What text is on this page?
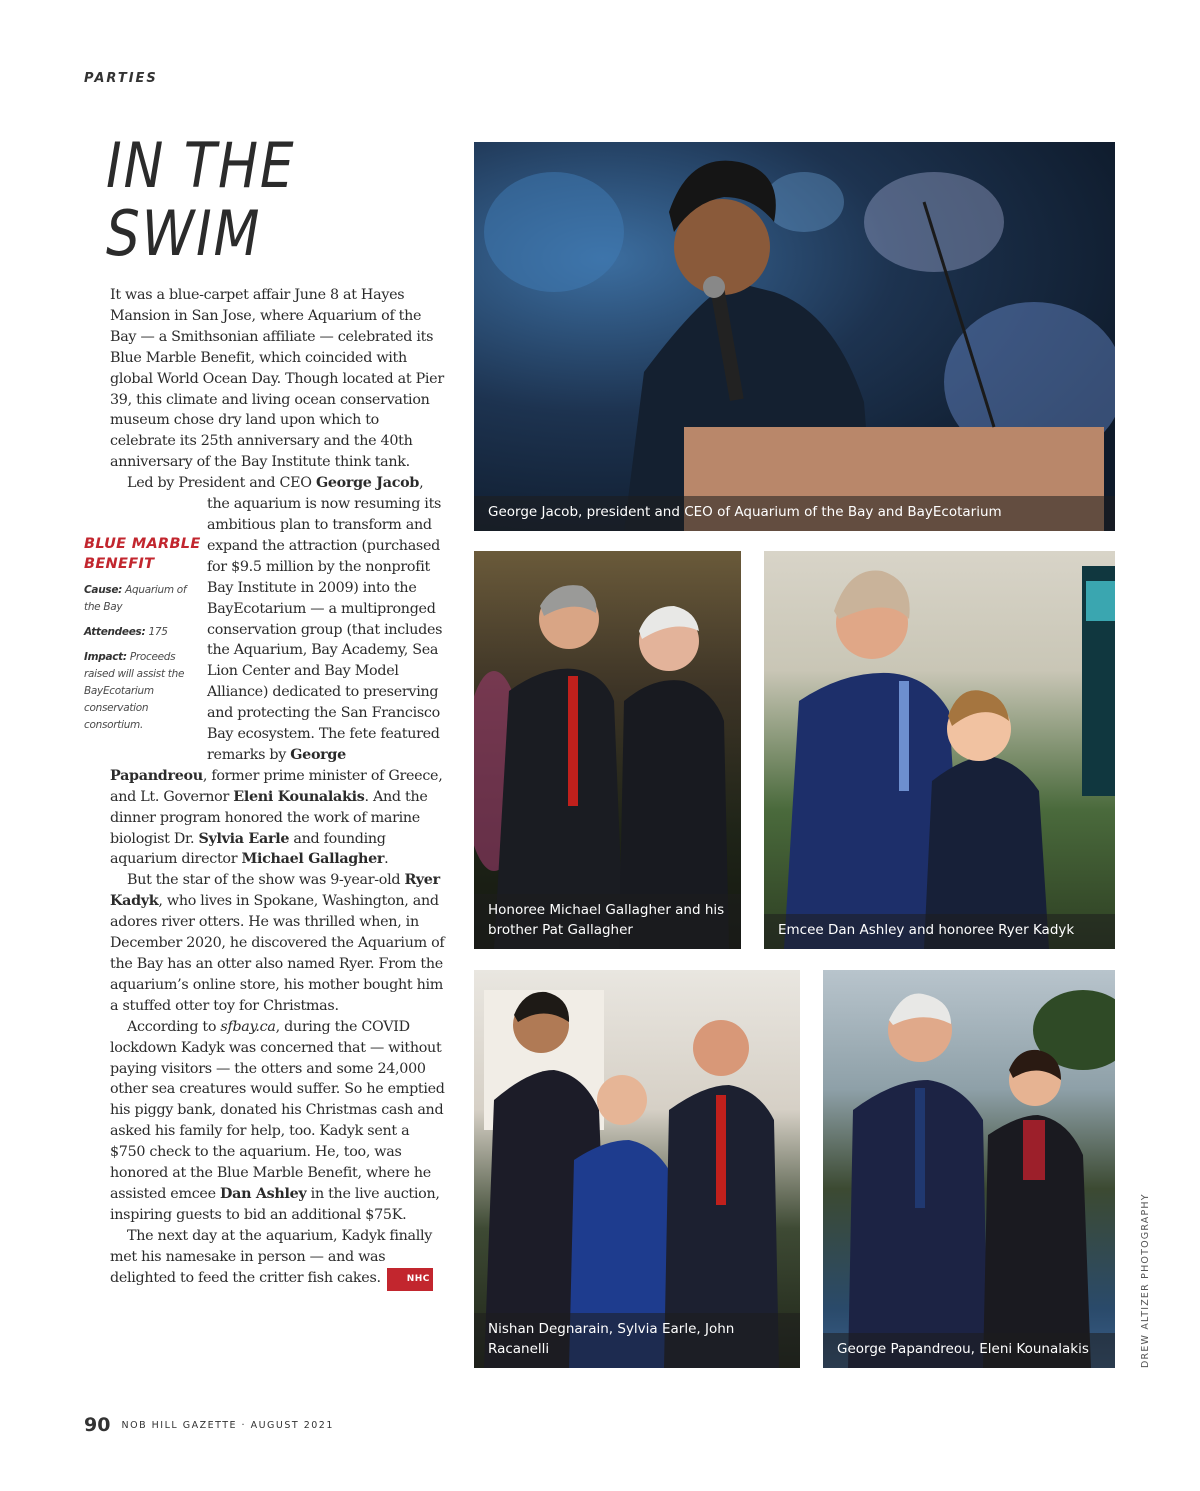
PARTIES
IN THE
SWIM

It was a blue-carpet affair June 8 at Hayes Mansion in San Jose, where Aquarium of the Bay — a Smithsonian affiliate — celebrated its Blue Marble Benefit, which coincided with global World Ocean Day. Though located at Pier 39, this climate and living ocean conservation museum chose dry land upon which to celebrate its 25th anniversary and the 40th anniversary of the Bay Institute think tank.

Led by President and CEO George Jacob,

BLUE MARBLE BENEFIT
Cause: Aquarium of the Bay
Attendees: 175
Impact: Proceeds raised will assist the BayEcotarium conservation consortium.

the aquarium is now resuming its ambitious plan to transform and expand the attraction (purchased for $9.5 million by the nonprofit Bay Institute in 2009) into the BayEcotarium — a multipronged conservation group (that includes the Aquarium, Bay Academy, Sea Lion Center and Bay Model Alliance) dedicated to preserving and protecting the San Francisco Bay ecosystem. The fete featured remarks by George Papandreou, former prime minister of Greece, and Lt. Governor Eleni Kounalakis. And the dinner program honored the work of marine biologist Dr. Sylvia Earle and founding aquarium director Michael Gallagher.

But the star of the show was 9-year-old Ryer Kadyk, who lives in Spokane, Washington, and adores river otters. He was thrilled when, in December 2020, he discovered the Aquarium of the Bay has an otter also named Ryer. From the aquarium’s online store, his mother bought him a stuffed otter toy for Christmas.

According to sfbay.ca, during the COVID lockdown Kadyk was concerned that — without paying visitors — the otters and some 24,000 other sea creatures would suffer. So he emptied his piggy bank, donated his Christmas cash and asked his family for help, too. Kadyk sent a $750 check to the aquarium. He, too, was honored at the Blue Marble Benefit, where he assisted emcee Dan Ashley in the live auction, inspiring guests to bid an additional $75K.

The next day at the aquarium, Kadyk finally met his namesake in person — and was delighted to feed the critter fish cakes.	NHC

George Jacob, president and CEO of Aquarium of the Bay and BayEcotarium
Honoree Michael Gallagher and his brother Pat Gallagher	Emcee Dan Ashley and honoree Ryer Kadyk
Nishan Degnarain, Sylvia Earle, John Racanelli	George Papandreou, Eleni Kounalakis	DREW ALTIZER PHOTOGRAPHY
90 NOB HILL GAZETTE · AUGUST 2021
